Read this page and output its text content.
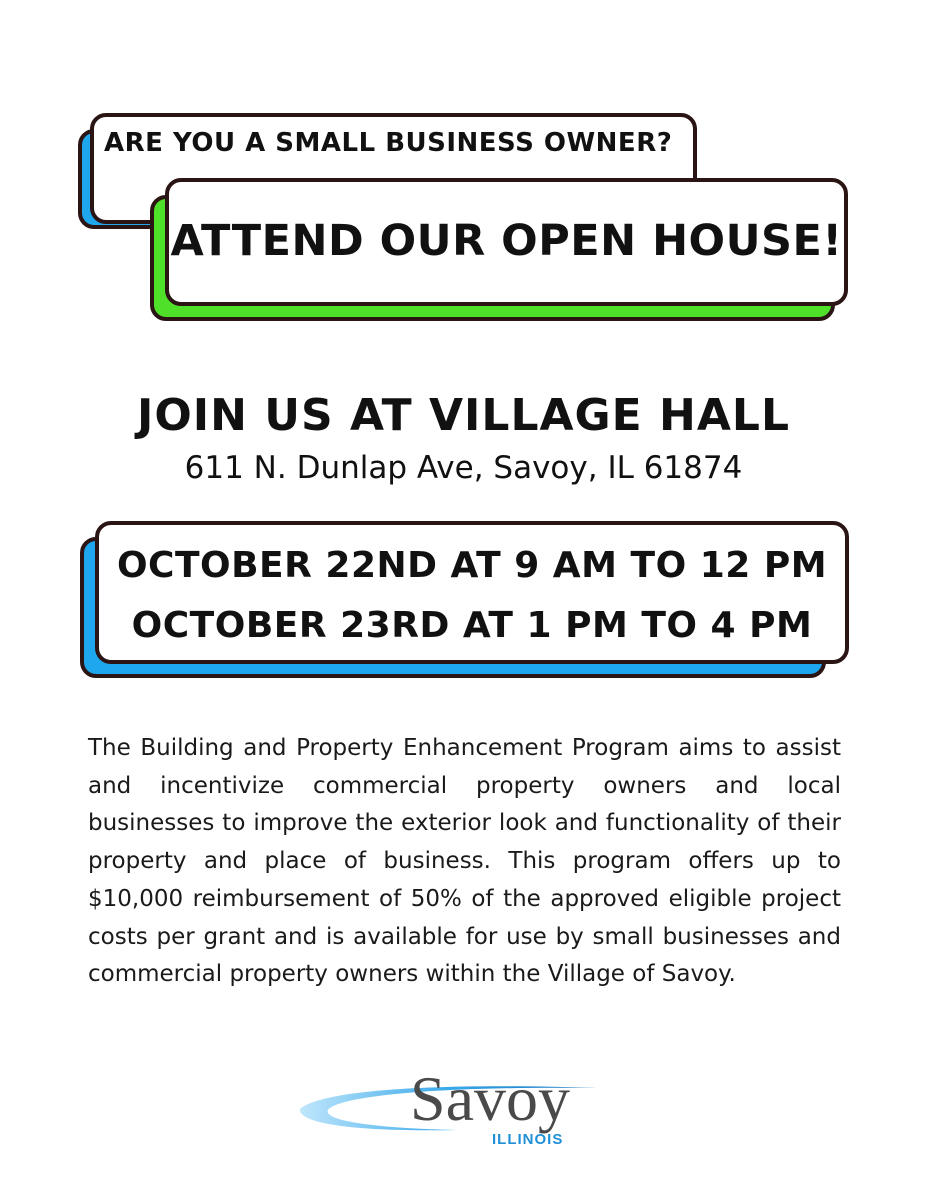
ARE YOU A SMALL BUSINESS OWNER?
ATTEND OUR OPEN HOUSE!
JOIN US AT VILLAGE HALL
611 N. Dunlap Ave, Savoy, IL 61874
OCTOBER 22ND AT 9 AM TO 12 PM
OCTOBER 23RD AT 1 PM TO 4 PM
The Building and Property Enhancement Program aims to assist and incentivize commercial property owners and local businesses to improve the exterior look and functionality of their property and place of business. This program offers up to $10,000 reimbursement of 50% of the approved eligible project costs per grant and is available for use by small businesses and commercial property owners within the Village of Savoy.
Savoy
ILLINOIS
